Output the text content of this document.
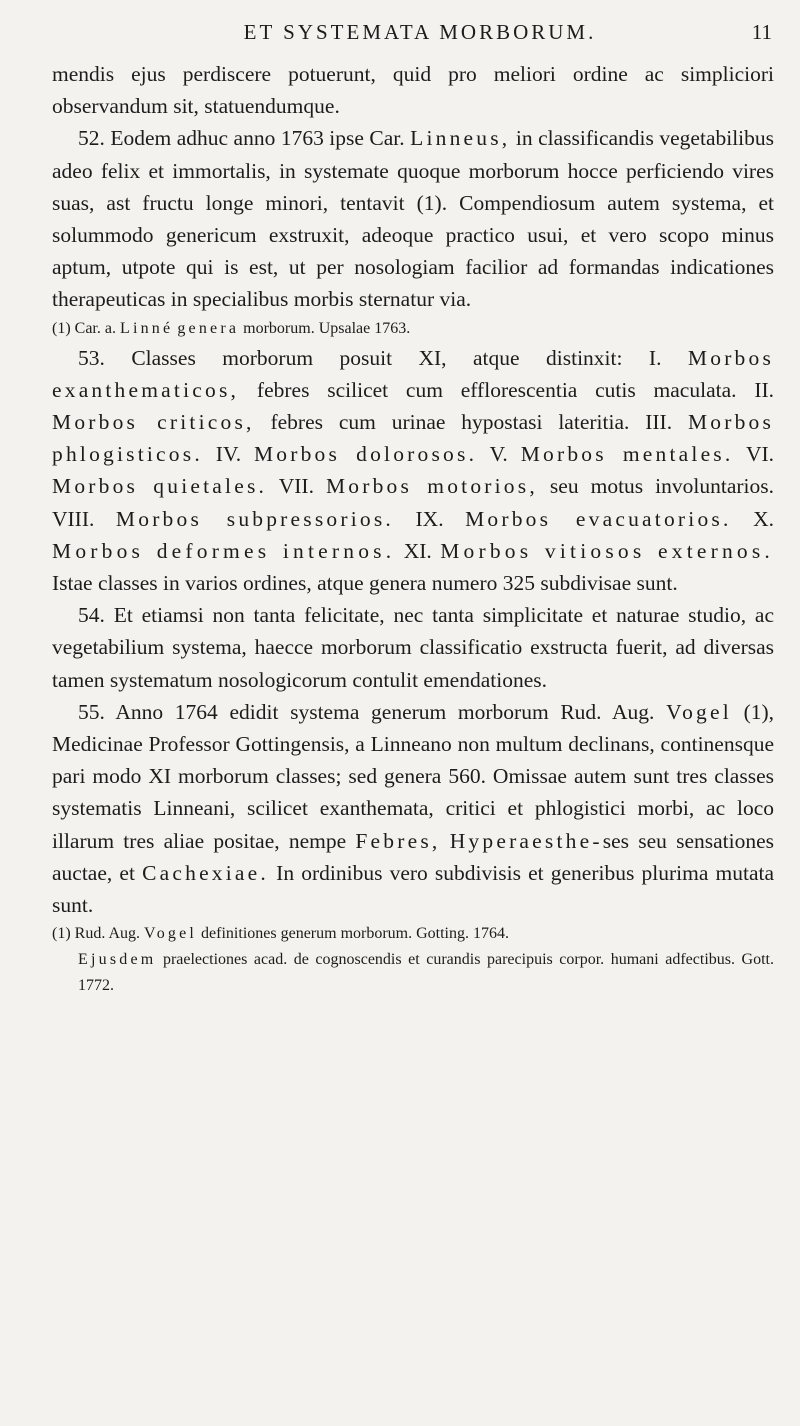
ET SYSTEMATA MORBORUM.	11

mendis ejus perdiscere potuerunt, quid pro meliori ordine ac simpliciori observandum sit, statuendumque.

52. Eodem adhuc anno 1763 ipse Car. Linneus, in classificandis vegetabilibus adeo felix et immortalis, in systemate quoque morborum hocce perficiendo vires suas, ast fructu longe minori, tentavit (1). Compendiosum autem systema, et solummodo genericum exstruxit, adeoque practico usui, et vero scopo minus aptum, utpote qui is est, ut per nosologiam facilior ad formandas indicationes therapeuticas in specialibus morbis sternatur via.

(1) Car. a. Linné genera morborum. Upsalae 1763.

53. Classes morborum posuit XI, atque distinxit: I. Morbos exanthematicos, febres scilicet cum efflorescentia cutis maculata. II. Morbos criticos, febres cum urinae hypostasi lateritia. III. Morbos phlogisticos. IV. Morbos dolorosos. V. Morbos mentales. VI. Morbos quietales. VII. Morbos motorios, seu motus involuntarios. VIII. Morbos subpressorios. IX. Morbos evacuatorios. X. Morbos deformes internos. XI. Morbos vitiosos externos. Istae classes in varios ordines, atque genera numero 325 subdivisae sunt.

54. Et etiamsi non tanta felicitate, nec tanta simplicitate et naturae studio, ac vegetabilium systema, haecce morborum classificatio exstructa fuerit, ad diversas tamen systematum nosologicorum contulit emendationes.

55. Anno 1764 edidit systema generum morborum Rud. Aug. Vogel (1), Medicinae Professor Gottingensis, a Linneano non multum declinans, continensque pari modo XI morborum classes; sed genera 560. Omissae autem sunt tres classes systematis Linneani, scilicet exanthemata, critici et phlogistici morbi, ac loco illarum tres aliae positae, nempe Febres, Hyperaesthe-ses seu sensationes auctae, et Cachexiae. In ordinibus vero subdivisis et generibus plurima mutata sunt.

(1) Rud. Aug. Vogel definitiones generum morborum. Gotting. 1764.

Ejusdem praelectiones acad. de cognoscendis et curandis parecipuis corpor. humani adfectibus. Gott. 1772.
